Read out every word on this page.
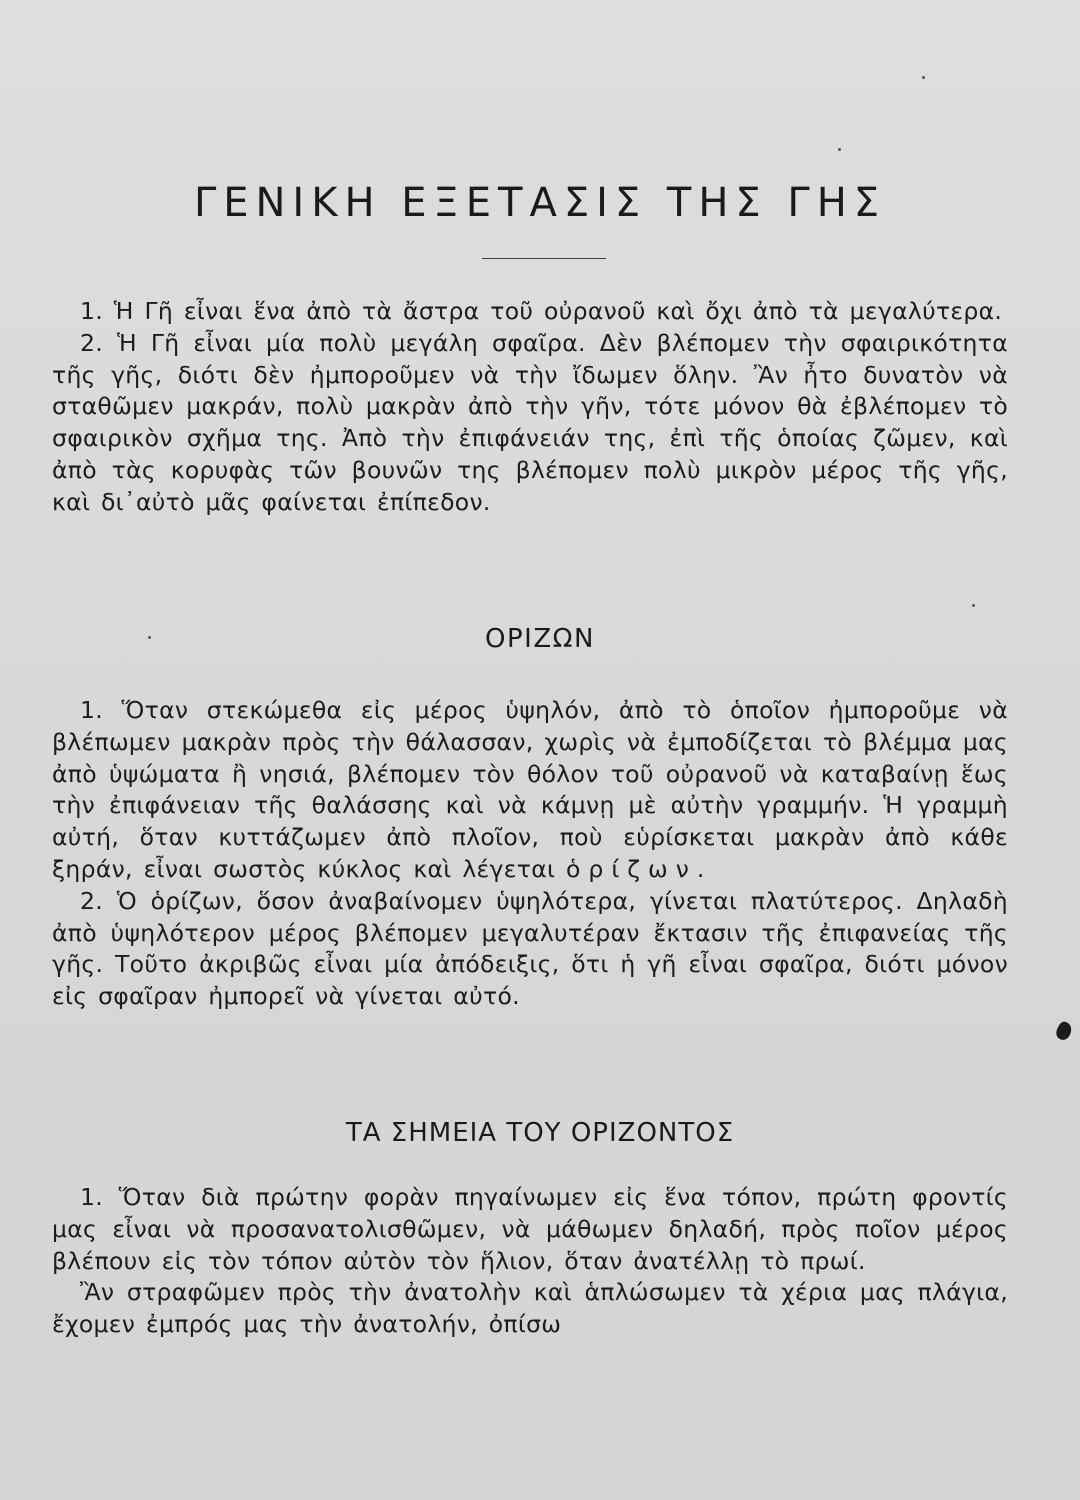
ΓΕΝΙΚΗ ΕΞΕΤΑΣΙΣ ΤΗΣ ΓΗΣ

1. Ἡ Γῆ εἶναι ἕνα ἀπὸ τὰ ἄστρα τοῦ οὐρανοῦ καὶ ὄχι ἀπὸ τὰ μεγαλύτερα.

2. Ἡ Γῆ εἶναι μία πολὺ μεγάλη σφαῖρα. Δὲν βλέπομεν τὴν σφαιρικότητα τῆς γῆς, διότι δὲν ἠμποροῦμεν νὰ τὴν ἴδωμεν ὅλην. Ἂν ἦτο δυνατὸν νὰ σταθῶμεν μακράν, πολὺ μακρὰν ἀπὸ τὴν γῆν, τότε μόνον θὰ ἐβλέπομεν τὸ σφαιρικὸν σχῆμα της. Ἀπὸ τὴν ἐπιφάνειάν της, ἐπὶ τῆς ὁποίας ζῶμεν, καὶ ἀπὸ τὰς κορυφὰς τῶν βουνῶν της βλέπομεν πολὺ μικρὸν μέρος τῆς γῆς, καὶ δι᾽αὐτὸ μᾶς φαίνεται ἐπίπεδον.

ΟΡΙΖΩΝ

1. Ὅταν στεκώμεθα εἰς μέρος ὑψηλόν, ἀπὸ τὸ ὁποῖον ἠμποροῦμε νὰ βλέπωμεν μακρὰν πρὸς τὴν θάλασσαν, χωρὶς νὰ ἐμποδίζεται τὸ βλέμμα μας ἀπὸ ὑψώματα ἢ νησιά, βλέπομεν τὸν θόλον τοῦ οὐρανοῦ νὰ καταβαίνῃ ἕως τὴν ἐπιφάνειαν τῆς θαλάσσης καὶ νὰ κάμνῃ μὲ αὐτὴν γραμμήν. Ἡ γραμμὴ αὐτή, ὅταν κυττάζωμεν ἀπὸ πλοῖον, ποὺ εὑρίσκεται μακρὰν ἀπὸ κάθε ξηράν, εἶναι σωστὸς κύκλος καὶ λέγεται ὁρίζων.

2. Ὁ ὁρίζων, ὅσον ἀναβαίνομεν ὑψηλότερα, γίνεται πλατύτερος. Δηλαδὴ ἀπὸ ὑψηλότερον μέρος βλέπομεν μεγαλυτέραν ἔκτασιν τῆς ἐπιφανείας τῆς γῆς. Τοῦτο ἀκριβῶς εἶναι μία ἀπόδειξις, ὅτι ἡ γῆ εἶναι σφαῖρα, διότι μόνον εἰς σφαῖραν ἠμπορεῖ νὰ γίνεται αὐτό.

ΤΑ ΣΗΜΕΙΑ ΤΟΥ ΟΡΙΖΟΝΤΟΣ

1. Ὅταν διὰ πρώτην φορὰν πηγαίνωμεν εἰς ἕνα τόπον, πρώτη φροντίς μας εἶναι νὰ προσανατολισθῶμεν, νὰ μάθωμεν δηλαδή, πρὸς ποῖον μέρος βλέπουν εἰς τὸν τόπον αὐτὸν τὸν ἥλιον, ὅταν ἀνατέλλῃ τὸ πρωί.

Ἂν στραφῶμεν πρὸς τὴν ἀνατολὴν καὶ ἁπλώσωμεν τὰ χέρια μας πλάγια, ἔχομεν ἐμπρός μας τὴν ἀνατολήν, ὀπίσω
